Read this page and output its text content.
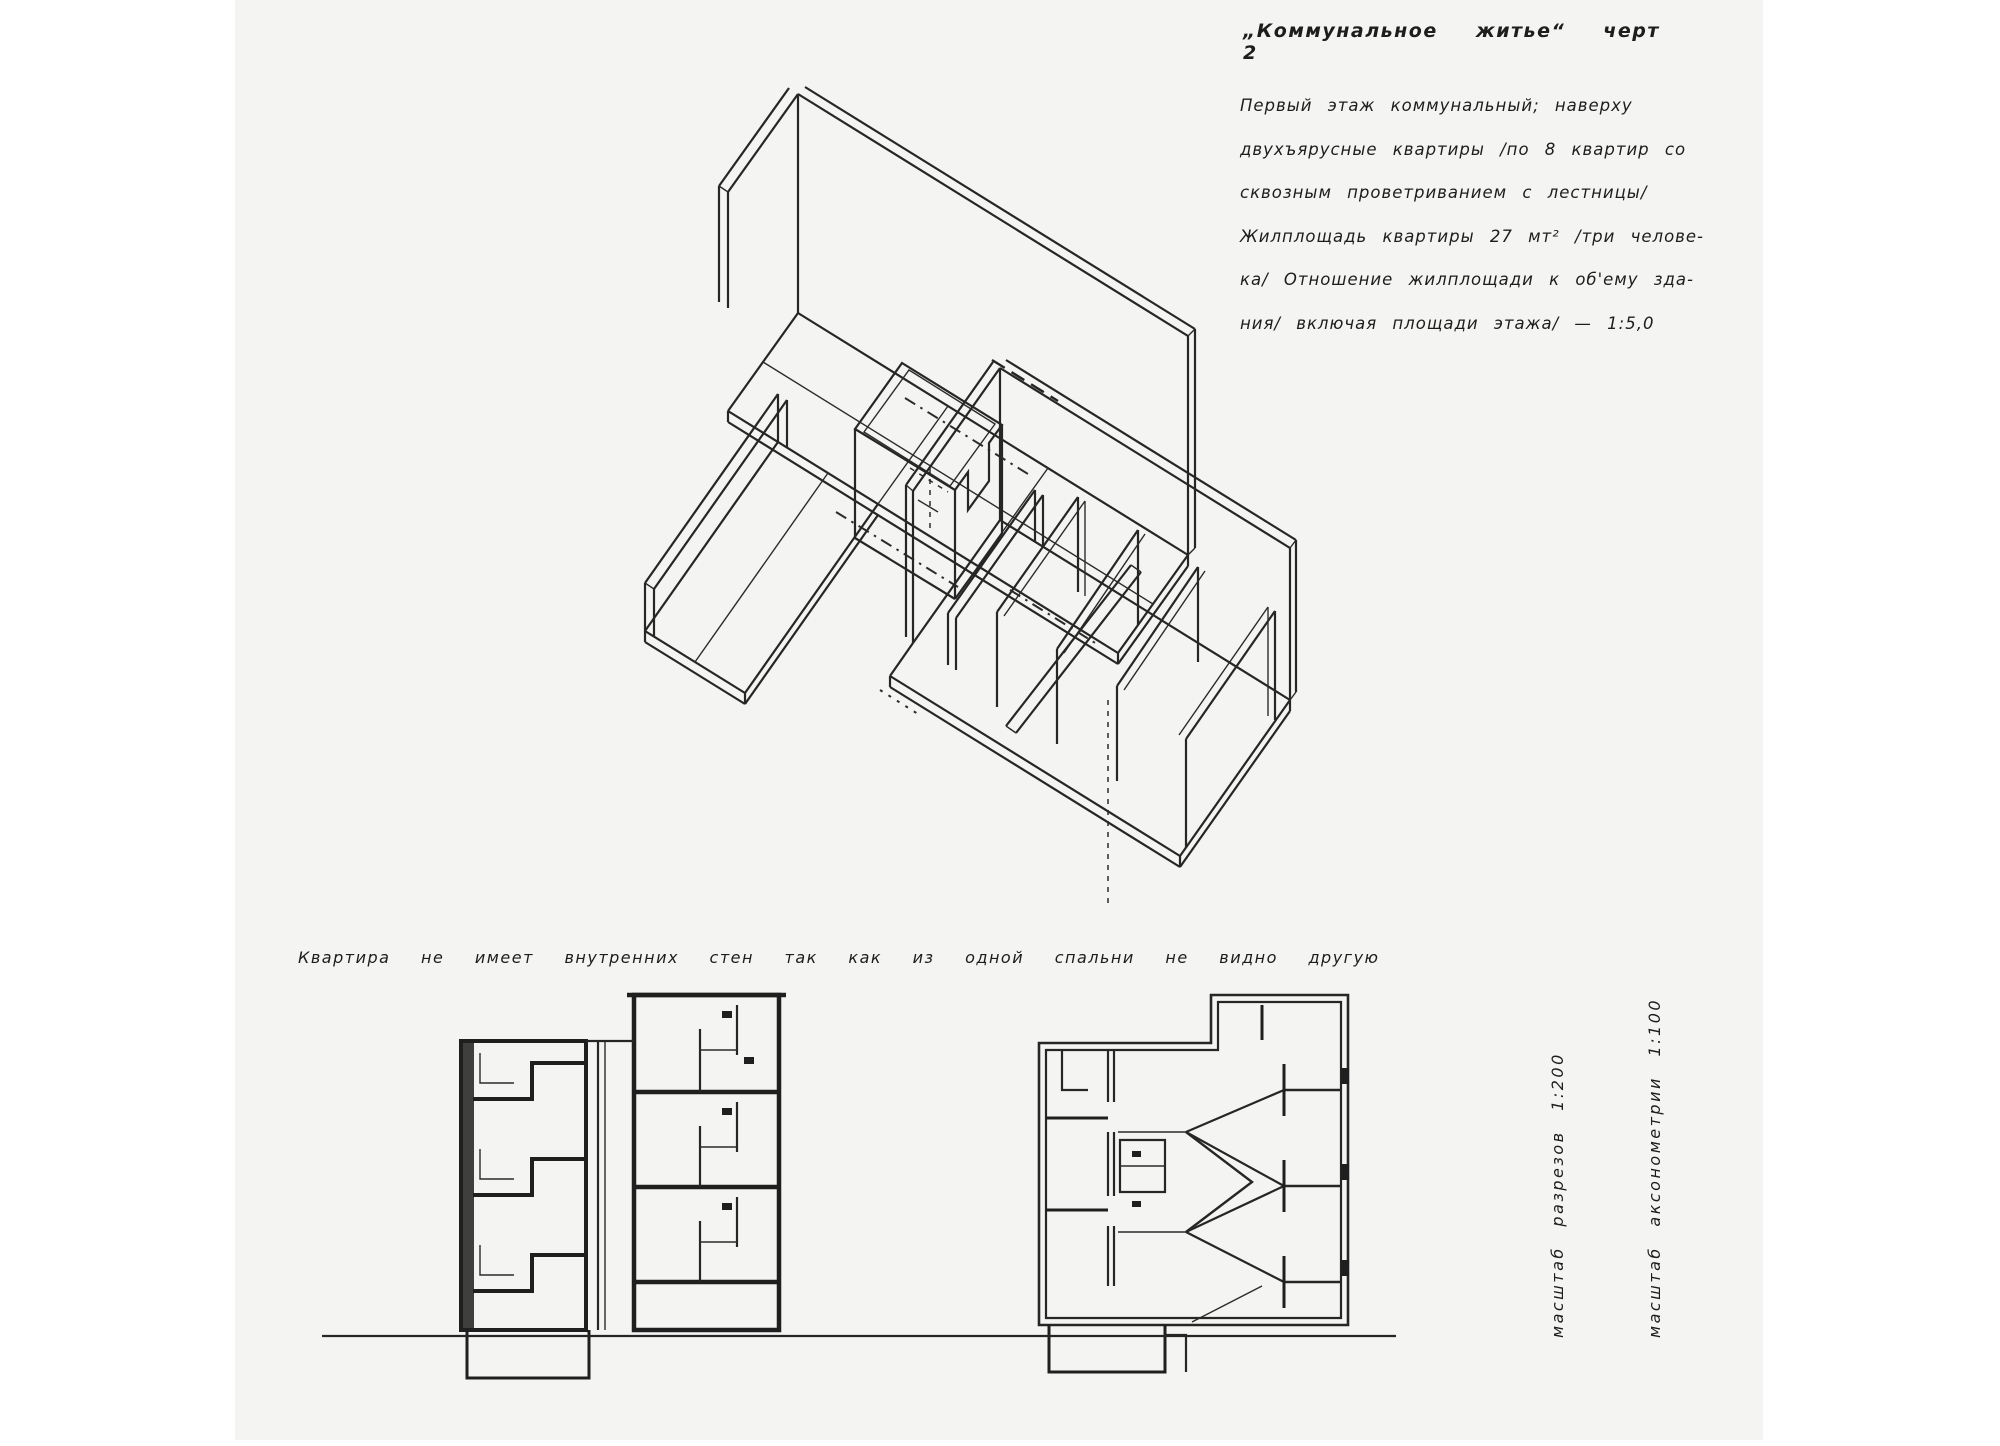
„Коммунальное житье“ черт 2
Первый этаж коммунальный; наверху
двухъярусные квартиры /по 8 квартир со
сквозным проветриванием с лестницы/
Жилплощадь квартиры 27 мт² /три челове-
ка/ Отношение жилплощади к об'ему зда-
ния/ включая площади этажа/ — 1:5,0
Квартира не имеет внутренних стен так как из одной спальни не видно другую
масштаб разрезов 1:200	масштаб аксонометрии 1:100
